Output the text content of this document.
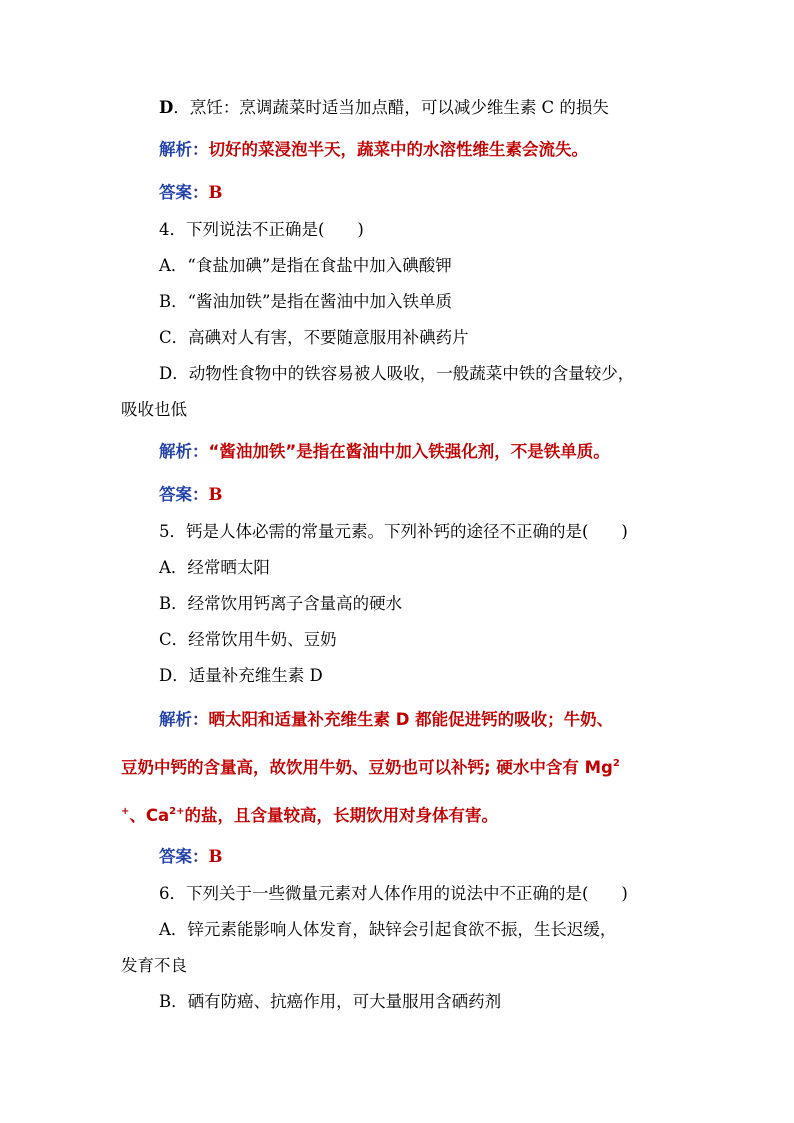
D．烹饪：烹调蔬菜时适当加点醋，可以减少维生素 C 的损失

解析：切好的菜浸泡半天，蔬菜中的水溶性维生素会流失。

答案：B

4．下列说法不正确是(　　)

A．“食盐加碘”是指在食盐中加入碘酸钾

B．“酱油加铁”是指在酱油中加入铁单质

C．高碘对人有害，不要随意服用补碘药片

D．动物性食物中的铁容易被人吸收，一般蔬菜中铁的含量较少，

吸收也低

解析：“酱油加铁”是指在酱油中加入铁强化剂，不是铁单质。

答案：B

5．钙是人体必需的常量元素。下列补钙的途径不正确的是(　　)

A．经常晒太阳

B．经常饮用钙离子含量高的硬水

C．经常饮用牛奶、豆奶

D．适量补充维生素 D

解析：晒太阳和适量补充维生素 D 都能促进钙的吸收；牛奶、

豆奶中钙的含量高，故饮用牛奶、豆奶也可以补钙; 硬水中含有 Mg$^2$

+、$Ca^{2+}$的盐，且含量较高，长期饮用对身体有害。

答案：B

6．下列关于一些微量元素对人体作用的说法中不正确的是(　　)

A．锌元素能影响人体发育，缺锌会引起食欲不振，生长迟缓，

发育不良

B．硒有防癌、抗癌作用，可大量服用含硒药剂
